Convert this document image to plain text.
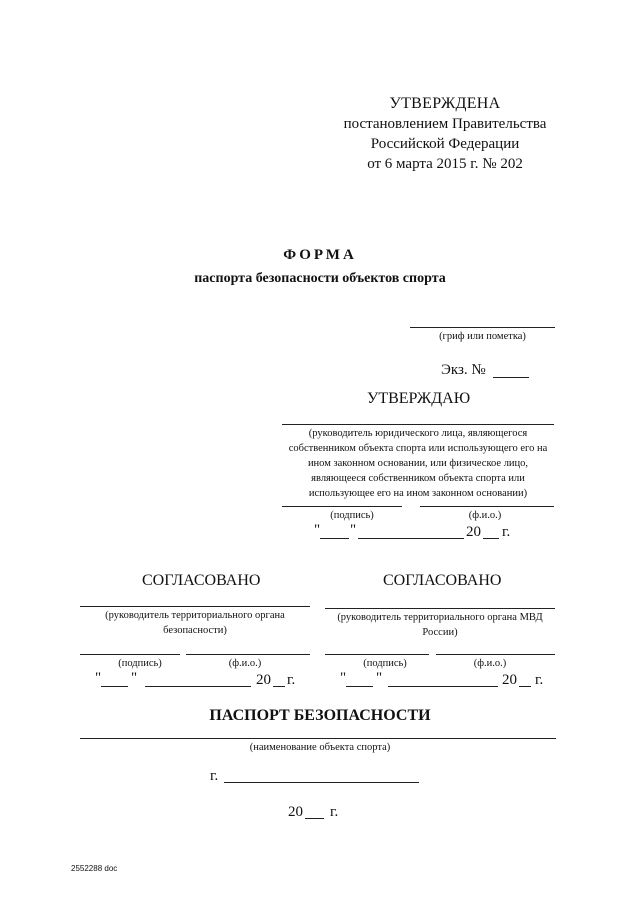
УТВЕРЖДЕНА
постановлением Правительства
Российской Федерации
от 6 марта 2015 г. № 202
ФОРМА
паспорта безопасности объектов спорта
(гриф или пометка)
Экз. №
УТВЕРЖДАЮ
(руководитель юридического лица, являющегося собственником объекта спорта или использующего его на ином законном основании, или физическое лицо, являющееся собственником объекта спорта или использующее его на ином законном основании)
(подпись)	(ф.и.о.)
" "	20 г.
СОГЛАСОВАНО
(руководитель территориального органа безопасности)
(подпись)	(ф.и.о.)
" "	20 г.
СОГЛАСОВАНО
(руководитель территориального органа МВД России)
(подпись)	(ф.и.о.)
" "	20 г.
ПАСПОРТ БЕЗОПАСНОСТИ
(наименование объекта спорта)
г.
20 г.
2552288 doc
